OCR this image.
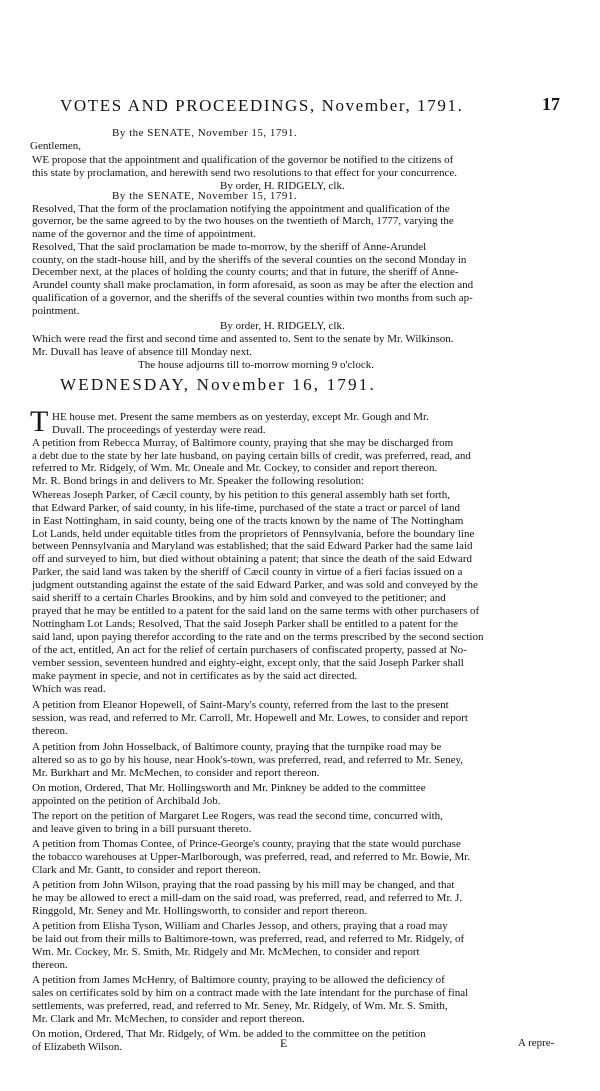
VOTES AND PROCEEDINGS, November, 1791.	17
By the SENATE, November 15, 1791.
Gentlemen,
WE propose that the appointment and qualification of the governor be notified to the citizens of
this state by proclamation, and herewith send two resolutions to that effect for your concurrence.
By order, H. RIDGELY, clk.
By the SENATE, November 15, 1791.
Resolved, That the form of the proclamation notifying the appointment and qualification of the
governor, be the same agreed to by the two houses on the twentieth of March, 1777, varying the
name of the governor and the time of appointment.
Resolved, That the said proclamation be made to-morrow, by the sheriff of Anne-Arundel
county, on the stadt-house hill, and by the sheriffs of the several counties on the second Monday in
December next, at the places of holding the county courts; and that in future, the sheriff of Anne-
Arundel county shall make proclamation, in form aforesaid, as soon as may be after the election and
qualification of a governor, and the sheriffs of the several counties within two months from such ap-
pointment.
By order, H. RIDGELY, clk.
Which were read the first and second time and assented to. Sent to the senate by Mr. Wilkinson.
Mr. Duvall has leave of absence till Monday next.
The house adjourns till to-morrow morning 9 o'clock.
WEDNESDAY, November 16, 1791.
HE house met. Present the same members as on yesterday, except Mr. Gough and Mr.
Duvall. The proceedings of yesterday were read.
A petition from Rebecca Murray, of Baltimore county, praying that she may be discharged from
a debt due to the state by her late husband, on paying certain bills of credit, was preferred, read, and
referred to Mr. Ridgely, of Wm. Mr. Oneale and Mr. Cockey, to consider and report thereon.
Mr. R. Bond brings in and delivers to Mr. Speaker the following resolution:
Whereas Joseph Parker, of Cæcil county, by his petition to this general assembly hath set forth,
that Edward Parker, of said county, in his life-time, purchased of the state a tract or parcel of land
in East Nottingham, in said county, being one of the tracts known by the name of The Nottingham
Lot Lands, held under equitable titles from the proprietors of Pennsylvania, before the boundary line
between Pennsylvania and Maryland was established; that the said Edward Parker had the same laid
off and surveyed to him, but died without obtaining a patent; that since the death of the said Edward
Parker, the said land was taken by the sheriff of Cæcil county in virtue of a fieri facias issued on a
judgment outstanding against the estate of the said Edward Parker, and was sold and conveyed by the
said sheriff to a certain Charles Brookins, and by him sold and conveyed to the petitioner; and
prayed that he may be entitled to a patent for the said land on the same terms with other purchasers of
Nottingham Lot Lands; Resolved, That the said Joseph Parker shall be entitled to a patent for the
said land, upon paying therefor according to the rate and on the terms prescribed by the second section
of the act, entitled, An act for the relief of certain purchasers of confiscated property, passed at No-
vember session, seventeen hundred and eighty-eight, except only, that the said Joseph Parker shall
make payment in specie, and not in certificates as by the said act directed.
Which was read.
A petition from Eleanor Hopewell, of Saint-Mary's county, referred from the last to the present
session, was read, and referred to Mr. Carroll, Mr. Hopewell and Mr. Lowes, to consider and report
thereon.
A petition from John Hosselback, of Baltimore county, praying that the turnpike road may be
altered so as to go by his house, near Hook's-town, was preferred, read, and referred to Mr. Seney,
Mr. Burkhart and Mr. McMechen, to consider and report thereon.
On motion, Ordered, That Mr. Hollingsworth and Mr. Pinkney be added to the committee
appointed on the petition of Archibald Job.
The report on the petition of Margaret Lee Rogers, was read the second time, concurred with,
and leave given to bring in a bill pursuant thereto.
A petition from Thomas Contee, of Prince-George's county, praying that the state would purchase
the tobacco warehouses at Upper-Marlborough, was preferred, read, and referred to Mr. Bowie, Mr.
Clark and Mr. Gantt, to consider and report thereon.
A petition from John Wilson, praying that the road passing by his mill may be changed, and that
he may be allowed to erect a mill-dam on the said road, was preferred, read, and referred to Mr. J.
Ringgold, Mr. Seney and Mr. Hollingsworth, to consider and report thereon.
A petition from Elisha Tyson, William and Charles Jessop, and others, praying that a road may
be laid out from their mills to Baltimore-town, was preferred, read, and referred to Mr. Ridgely, of
Wm. Mr. Cockey, Mr. S. Smith, Mr. Ridgely and Mr. McMechen, to consider and report
thereon.
A petition from James McHenry, of Baltimore county, praying to be allowed the deficiency of
sales on certificates sold by him on a contract made with the late intendant for the purchase of final
settlements, was preferred, read, and referred to Mr. Seney, Mr. Ridgely, of Wm. Mr. S. Smith,
Mr. Clark and Mr. McMechen, to consider and report thereon.
On motion, Ordered, That Mr. Ridgely, of Wm. be added to the committee on the petition
of Elizabeth Wilson.
T
E	A repre-
